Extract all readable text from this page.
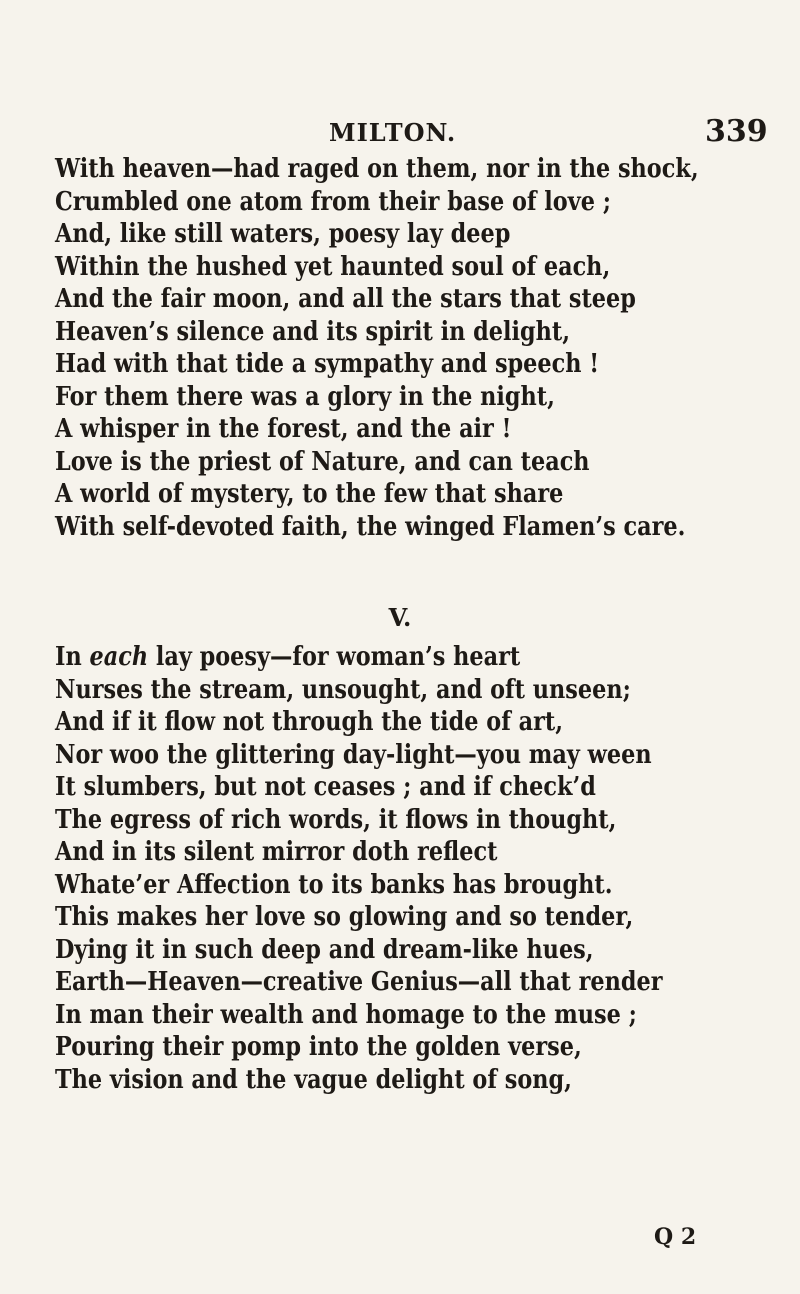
MILTON.	339
With heaven—had raged on them, nor in the shock,
Crumbled one atom from their base of love ;
And, like still waters, poesy lay deep
Within the hushed yet haunted soul of each,
And the fair moon, and all the stars that steep
Heaven’s silence and its spirit in delight,
Had with that tide a sympathy and speech !
For them there was a glory in the night,
A whisper in the forest, and the air !
Love is the priest of Nature, and can teach
A world of mystery, to the few that share
With self-devoted faith, the winged Flamen’s care.
V.
In each lay poesy—for woman’s heart
Nurses the stream, unsought, and oft unseen;
And if it flow not through the tide of art,
Nor woo the glittering day-light—you may ween
It slumbers, but not ceases ; and if check’d
The egress of rich words, it flows in thought,
And in its silent mirror doth reflect
Whate’er Affection to its banks has brought.
This makes her love so glowing and so tender,
Dying it in such deep and dream-like hues,
Earth—Heaven—creative Genius—all that render
In man their wealth and homage to the muse ;
Pouring their pomp into the golden verse,
The vision and the vague delight of song,
Q 2
